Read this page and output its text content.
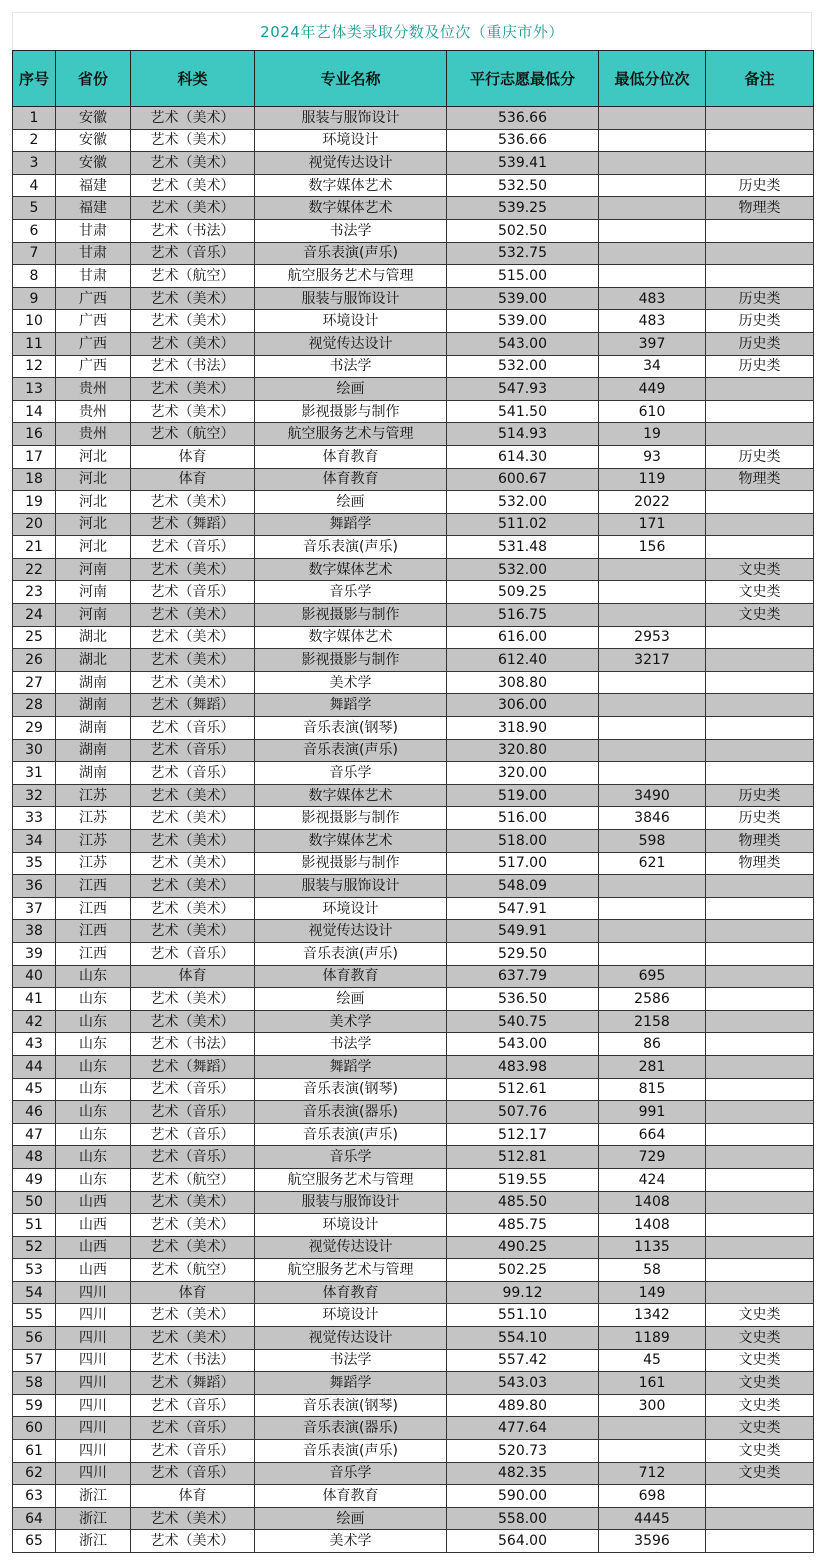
2024年艺体类录取分数及位次（重庆市外）
序号	省份	科类	专业名称	平行志愿最低分	最低分位次	备注
1	安徽	艺术（美术）	服装与服饰设计	536.66		
2	安徽	艺术（美术）	环境设计	536.66		
3	安徽	艺术（美术）	视觉传达设计	539.41		
4	福建	艺术（美术）	数字媒体艺术	532.50		历史类
5	福建	艺术（美术）	数字媒体艺术	539.25		物理类
6	甘肃	艺术（书法）	书法学	502.50		
7	甘肃	艺术（音乐）	音乐表演(声乐)	532.75		
8	甘肃	艺术（航空）	航空服务艺术与管理	515.00		
9	广西	艺术（美术）	服装与服饰设计	539.00	483	历史类
10	广西	艺术（美术）	环境设计	539.00	483	历史类
11	广西	艺术（美术）	视觉传达设计	543.00	397	历史类
12	广西	艺术（书法）	书法学	532.00	34	历史类
13	贵州	艺术（美术）	绘画	547.93	449	
14	贵州	艺术（美术）	影视摄影与制作	541.50	610	
16	贵州	艺术（航空）	航空服务艺术与管理	514.93	19	
17	河北	体育	体育教育	614.30	93	历史类
18	河北	体育	体育教育	600.67	119	物理类
19	河北	艺术（美术）	绘画	532.00	2022	
20	河北	艺术（舞蹈）	舞蹈学	511.02	171	
21	河北	艺术（音乐）	音乐表演(声乐)	531.48	156	
22	河南	艺术（美术）	数字媒体艺术	532.00		文史类
23	河南	艺术（音乐）	音乐学	509.25		文史类
24	河南	艺术（美术）	影视摄影与制作	516.75		文史类
25	湖北	艺术（美术）	数字媒体艺术	616.00	2953	
26	湖北	艺术（美术）	影视摄影与制作	612.40	3217	
27	湖南	艺术（美术）	美术学	308.80		
28	湖南	艺术（舞蹈）	舞蹈学	306.00		
29	湖南	艺术（音乐）	音乐表演(钢琴)	318.90		
30	湖南	艺术（音乐）	音乐表演(声乐)	320.80		
31	湖南	艺术（音乐）	音乐学	320.00		
32	江苏	艺术（美术）	数字媒体艺术	519.00	3490	历史类
33	江苏	艺术（美术）	影视摄影与制作	516.00	3846	历史类
34	江苏	艺术（美术）	数字媒体艺术	518.00	598	物理类
35	江苏	艺术（美术）	影视摄影与制作	517.00	621	物理类
36	江西	艺术（美术）	服装与服饰设计	548.09		
37	江西	艺术（美术）	环境设计	547.91		
38	江西	艺术（美术）	视觉传达设计	549.91		
39	江西	艺术（音乐）	音乐表演(声乐)	529.50		
40	山东	体育	体育教育	637.79	695	
41	山东	艺术（美术）	绘画	536.50	2586	
42	山东	艺术（美术）	美术学	540.75	2158	
43	山东	艺术（书法）	书法学	543.00	86	
44	山东	艺术（舞蹈）	舞蹈学	483.98	281	
45	山东	艺术（音乐）	音乐表演(钢琴)	512.61	815	
46	山东	艺术（音乐）	音乐表演(器乐)	507.76	991	
47	山东	艺术（音乐）	音乐表演(声乐)	512.17	664	
48	山东	艺术（音乐）	音乐学	512.81	729	
49	山东	艺术（航空）	航空服务艺术与管理	519.55	424	
50	山西	艺术（美术）	服装与服饰设计	485.50	1408	
51	山西	艺术（美术）	环境设计	485.75	1408	
52	山西	艺术（美术）	视觉传达设计	490.25	1135	
53	山西	艺术（航空）	航空服务艺术与管理	502.25	58	
54	四川	体育	体育教育	99.12	149	
55	四川	艺术（美术）	环境设计	551.10	1342	文史类
56	四川	艺术（美术）	视觉传达设计	554.10	1189	文史类
57	四川	艺术（书法）	书法学	557.42	45	文史类
58	四川	艺术（舞蹈）	舞蹈学	543.03	161	文史类
59	四川	艺术（音乐）	音乐表演(钢琴)	489.80	300	文史类
60	四川	艺术（音乐）	音乐表演(器乐)	477.64		文史类
61	四川	艺术（音乐）	音乐表演(声乐)	520.73		文史类
62	四川	艺术（音乐）	音乐学	482.35	712	文史类
63	浙江	体育	体育教育	590.00	698	
64	浙江	艺术（美术）	绘画	558.00	4445	
65	浙江	艺术（美术）	美术学	564.00	3596	
